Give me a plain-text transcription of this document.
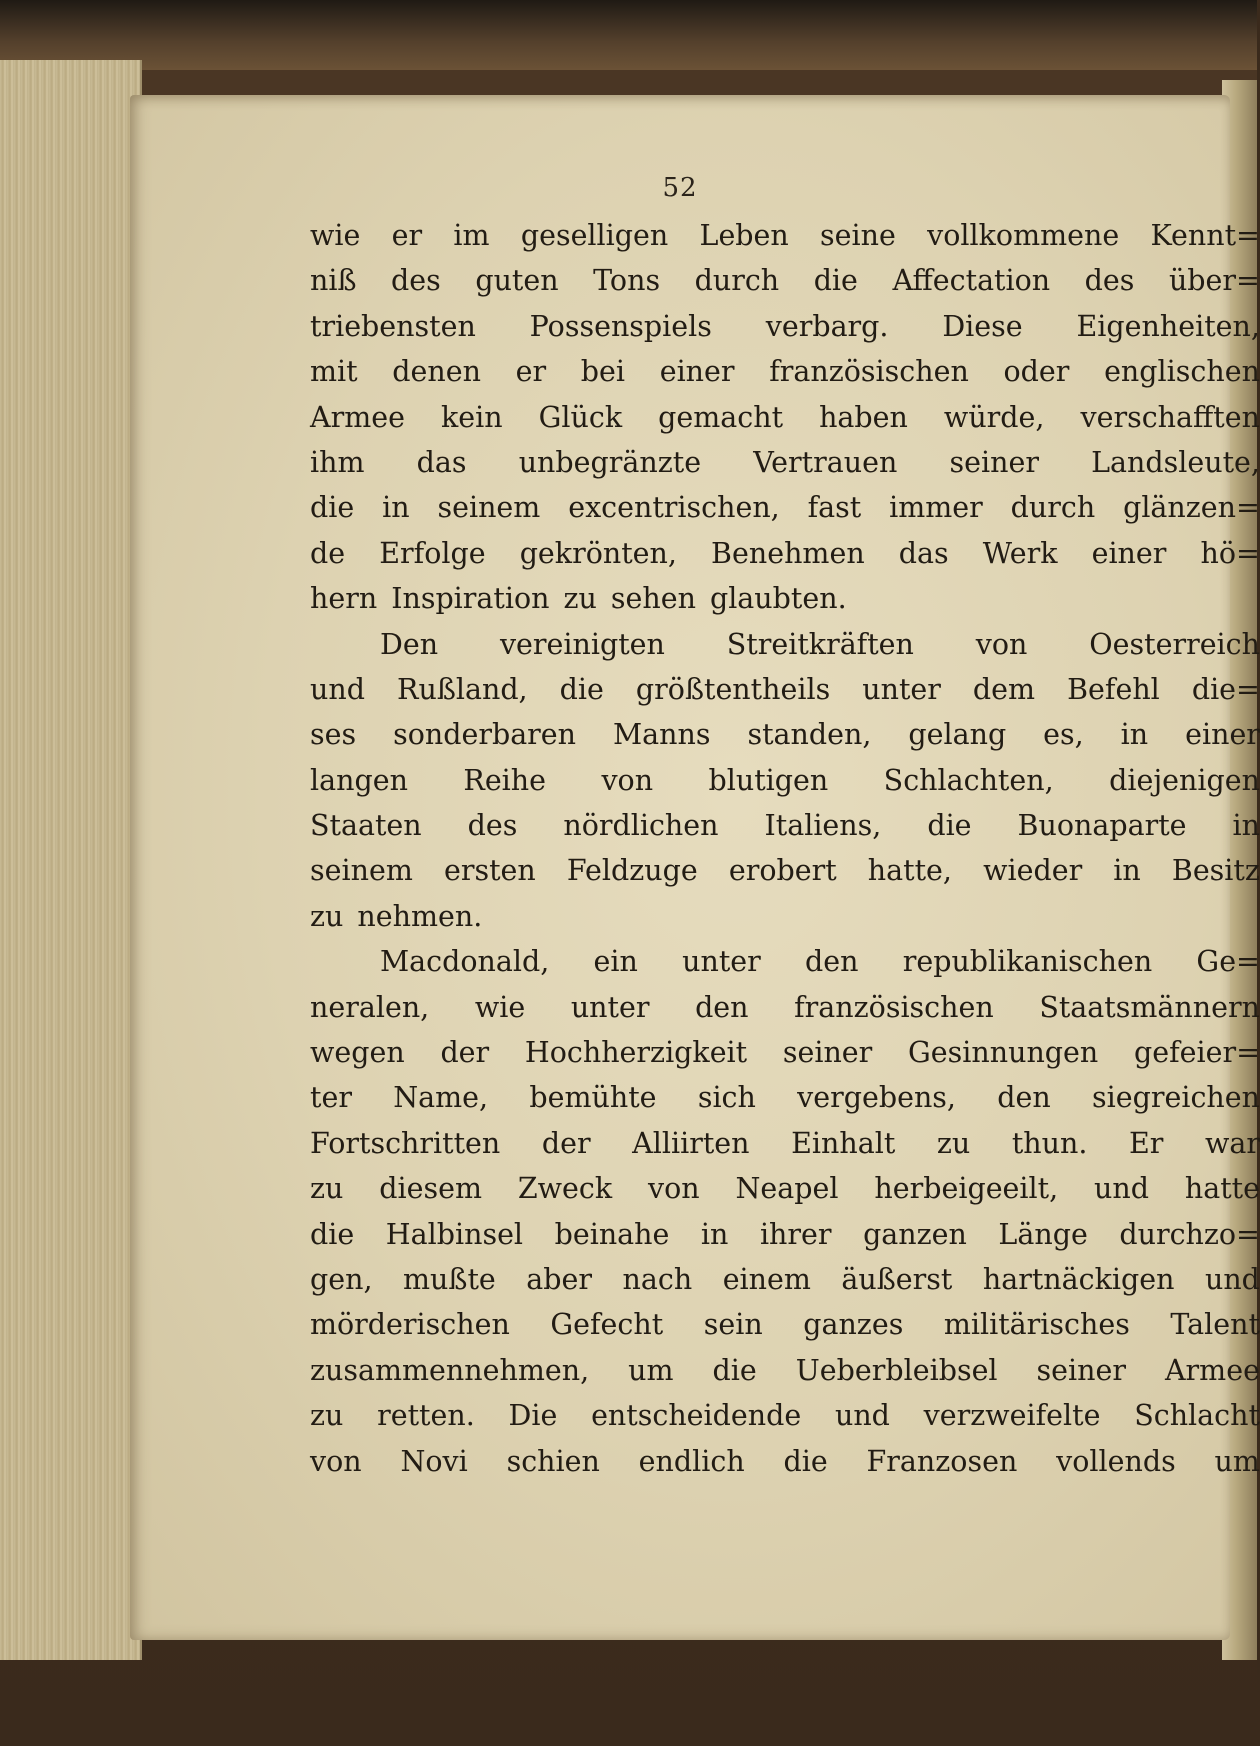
52
wie er im geselligen Leben seine vollkommene Kennt=
niß des guten Tons durch die Affectation des über=
triebensten Possenspiels verbarg. Diese Eigenheiten,
mit denen er bei einer französischen oder englischen
Armee kein Glück gemacht haben würde, verschafften
ihm das unbegränzte Vertrauen seiner Landsleute,
die in seinem excentrischen, fast immer durch glänzen=
de Erfolge gekrönten, Benehmen das Werk einer hö=
hern Inspiration zu sehen glaubten.
Den vereinigten Streitkräften von Oesterreich
und Rußland, die größtentheils unter dem Befehl die=
ses sonderbaren Manns standen, gelang es, in einer
langen Reihe von blutigen Schlachten, diejenigen
Staaten des nördlichen Italiens, die Buonaparte in
seinem ersten Feldzuge erobert hatte, wieder in Besitz
zu nehmen.
Macdonald, ein unter den republikanischen Ge=
neralen, wie unter den französischen Staatsmännern
wegen der Hochherzigkeit seiner Gesinnungen gefeier=
ter Name, bemühte sich vergebens, den siegreichen
Fortschritten der Alliirten Einhalt zu thun. Er war
zu diesem Zweck von Neapel herbeigeeilt, und hatte
die Halbinsel beinahe in ihrer ganzen Länge durchzo=
gen, mußte aber nach einem äußerst hartnäckigen und
mörderischen Gefecht sein ganzes militärisches Talent
zusammennehmen, um die Ueberbleibsel seiner Armee
zu retten. Die entscheidende und verzweifelte Schlacht
von Novi schien endlich die Franzosen vollends um
